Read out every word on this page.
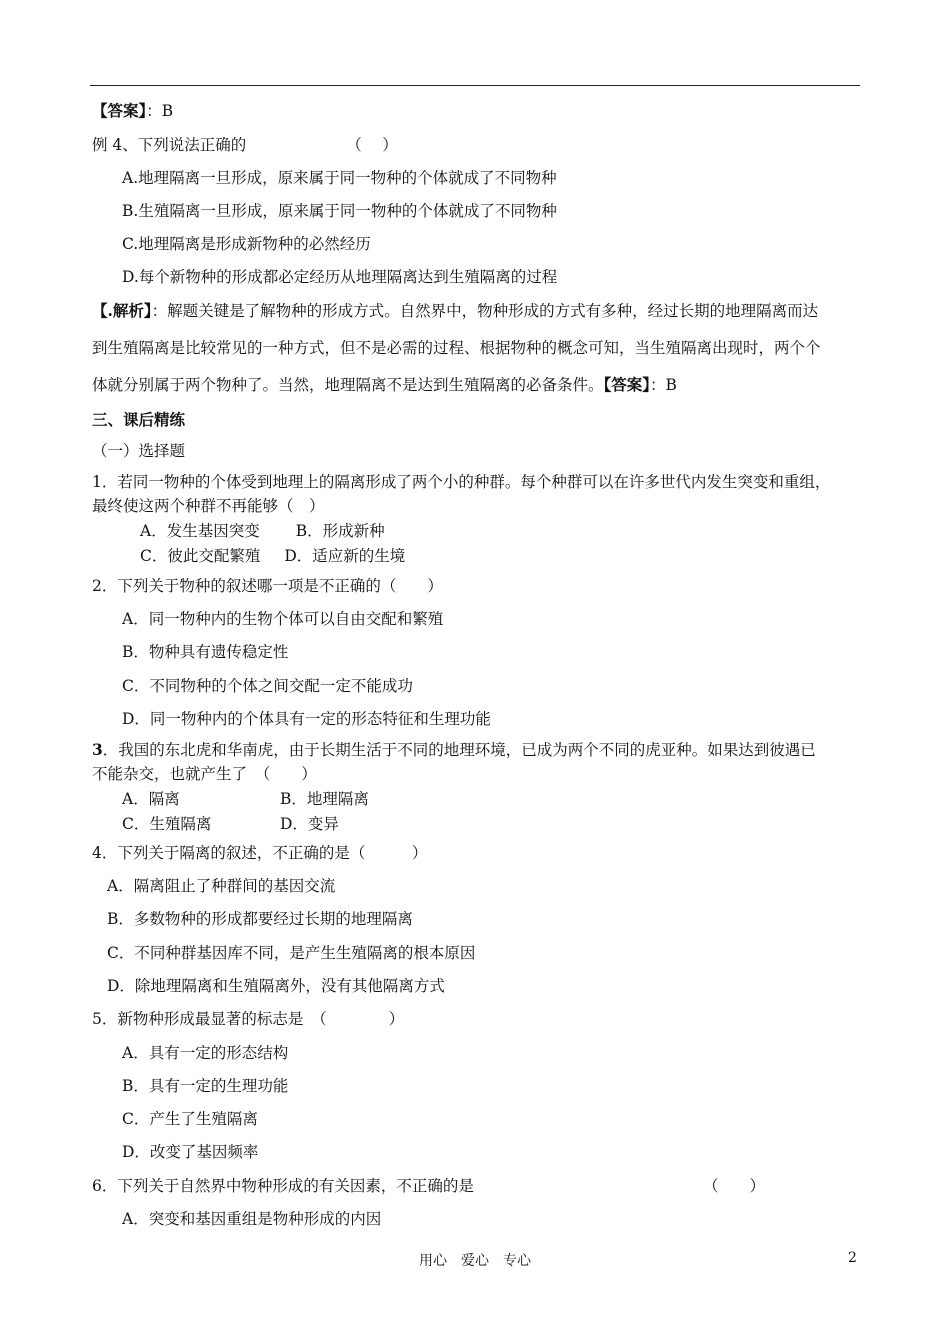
【答案】：B
例 4、下列说法正确的	（　 ）
A.地理隔离一旦形成，原来属于同一物种的个体就成了不同物种
B.生殖隔离一旦形成，原来属于同一物种的个体就成了不同物种
C.地理隔离是形成新物种的必然经历
D.每个新物种的形成都必定经历从地理隔离达到生殖隔离的过程
【.解析】：解题关键是了解物种的形成方式。自然界中，物种形成的方式有多种，经过长期的地理隔离而达
到生殖隔离是比较常见的一种方式，但不是必需的过程、根据物种的概念可知，当生殖隔离出现时，两个个
体就分别属于两个物种了。当然，地理隔离不是达到生殖隔离的必备条件。【答案】：B
三、课后精练
（一）选择题
1．若同一物种的个体受到地理上的隔离形成了两个小的种群。每个种群可以在许多世代内发生突变和重组，
最终使这两个种群不再能够（　）
A．发生基因突变 B．形成新种
C．彼此交配繁殖 D．适应新的生境
2．下列关于物种的叙述哪一项是不正确的（　　）
A．同一物种内的生物个体可以自由交配和繁殖
B．物种具有遗传稳定性
C．不同物种的个体之间交配一定不能成功
D．同一物种内的个体具有一定的形态特征和生理功能
3．我国的东北虎和华南虎，由于长期生活于不同的地理环境，已成为两个不同的虎亚种。如果达到彼遇已
不能杂交，也就产生了　（　　）
A．隔离	B．地理隔离
C．生殖隔离	D．变异
4．下列关于隔离的叙述，不正确的是（　　　）
A．隔离阻止了种群间的基因交流
B．多数物种的形成都要经过长期的地理隔离
C．不同种群基因库不同，是产生生殖隔离的根本原因
D．除地理隔离和生殖隔离外，没有其他隔离方式
5．新物种形成最显著的标志是　（　　　　）
A．具有一定的形态结构
B．具有一定的生理功能
C．产生了生殖隔离
D．改变了基因频率
6．下列关于自然界中物种形成的有关因素，不正确的是	（　　）
A．突变和基因重组是物种形成的内因
用心　爱心　专心	2
